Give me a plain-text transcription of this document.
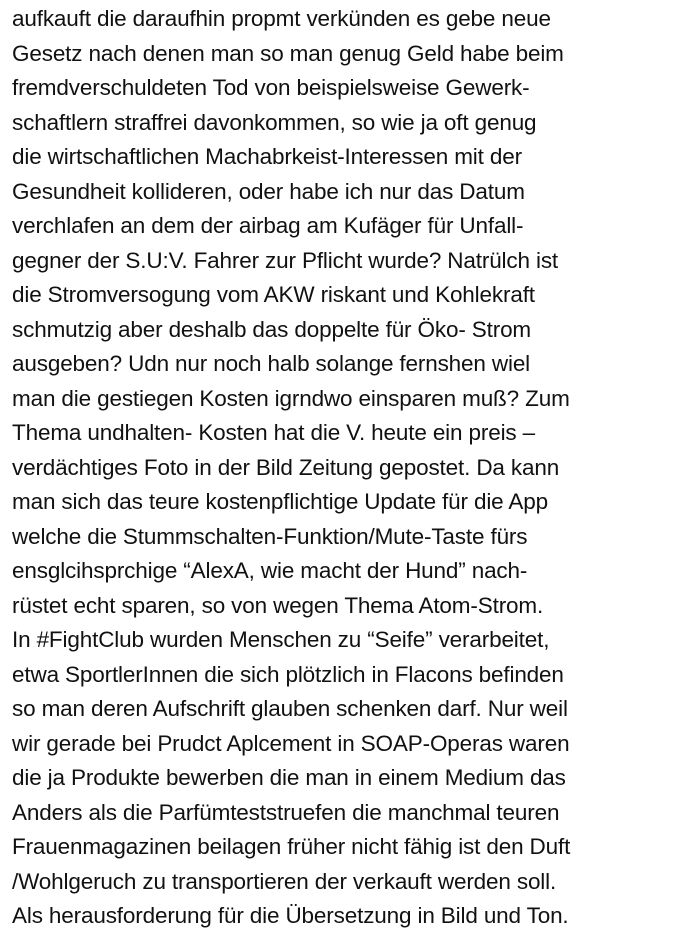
aufkauft die daraufhin propmt verkünden es gebe neue
Gesetz nach denen man so man genug Geld habe beim
fremdverschuldeten Tod von beispielsweise Gewerk-
schaftlern straffrei davonkommen, so wie ja oft genug
die wirtschaftlichen Machabrkeist-Interessen mit der
Gesundheit kollideren, oder habe ich nur das Datum
verchlafen an dem der airbag am Kufäger für Unfall-
gegner der S.U:V. Fahrer zur Pflicht wurde? Natrülch ist
die Stromversogung vom AKW riskant und Kohlekraft
schmutzig aber deshalb das doppelte für Öko- Strom
ausgeben? Udn nur noch halb solange fernshen wiel
man die gestiegen Kosten igrndwo einsparen muß? Zum
Thema undhalten- Kosten hat die V. heute ein preis –
verdächtiges Foto in der Bild Zeitung gepostet. Da kann
man sich das teure kostenpflichtige Update für die App
welche die Stummschalten-Funktion/Mute-Taste fürs
ensglcihsprchige “AlexA, wie macht der Hund” nach-
rüstet echt sparen, so von wegen Thema Atom-Strom.
In #FightClub wurden Menschen zu “Seife” verarbeitet,
etwa SportlerInnen die sich plötzlich in Flacons befinden
so man deren Aufschrift glauben schenken darf. Nur weil
wir gerade bei Prudct Aplcement in SOAP-Operas waren
die ja Produkte bewerben die man in einem Medium das
Anders als die Parfümteststruefen die manchmal teuren
Frauenmagazinen beilagen früher nicht fähig ist den Duft
/Wohlgeruch zu transportieren der verkauft werden soll.
Als herausforderung für die Übersetzung in Bild und Ton.
